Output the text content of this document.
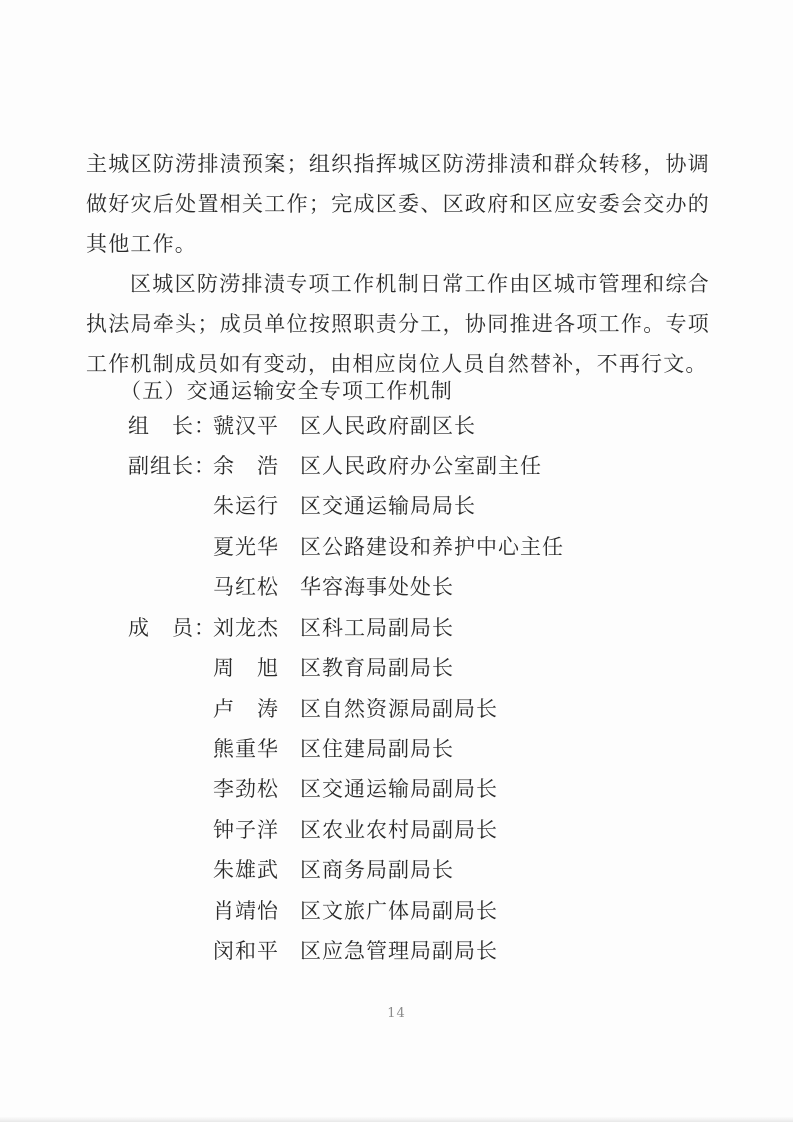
主城区防涝排渍预案；组织指挥城区防涝排渍和群众转移，协调做好灾后处置相关工作；完成区委、区政府和区应安委会交办的其他工作。

区城区防涝排渍专项工作机制日常工作由区城市管理和综合执法局牵头；成员单位按照职责分工，协同推进各项工作。专项工作机制成员如有变动，由相应岗位人员自然替补，不再行文。

（五）交通运输安全专项工作机制

组　长：
虢汉平 区人民政府副区长
副组长：
余　浩 区人民政府办公室副主任
朱运行 区交通运输局局长
夏光华 区公路建设和养护中心主任
马红松 华容海事处处长
成　员：
刘龙杰 区科工局副局长
周　旭 区教育局副局长
卢　涛 区自然资源局副局长
熊重华 区住建局副局长
李劲松 区交通运输局副局长
钟子洋 区农业农村局副局长
朱雄武 区商务局副局长
肖靖怡 区文旅广体局副局长
闵和平 区应急管理局副局长
14
